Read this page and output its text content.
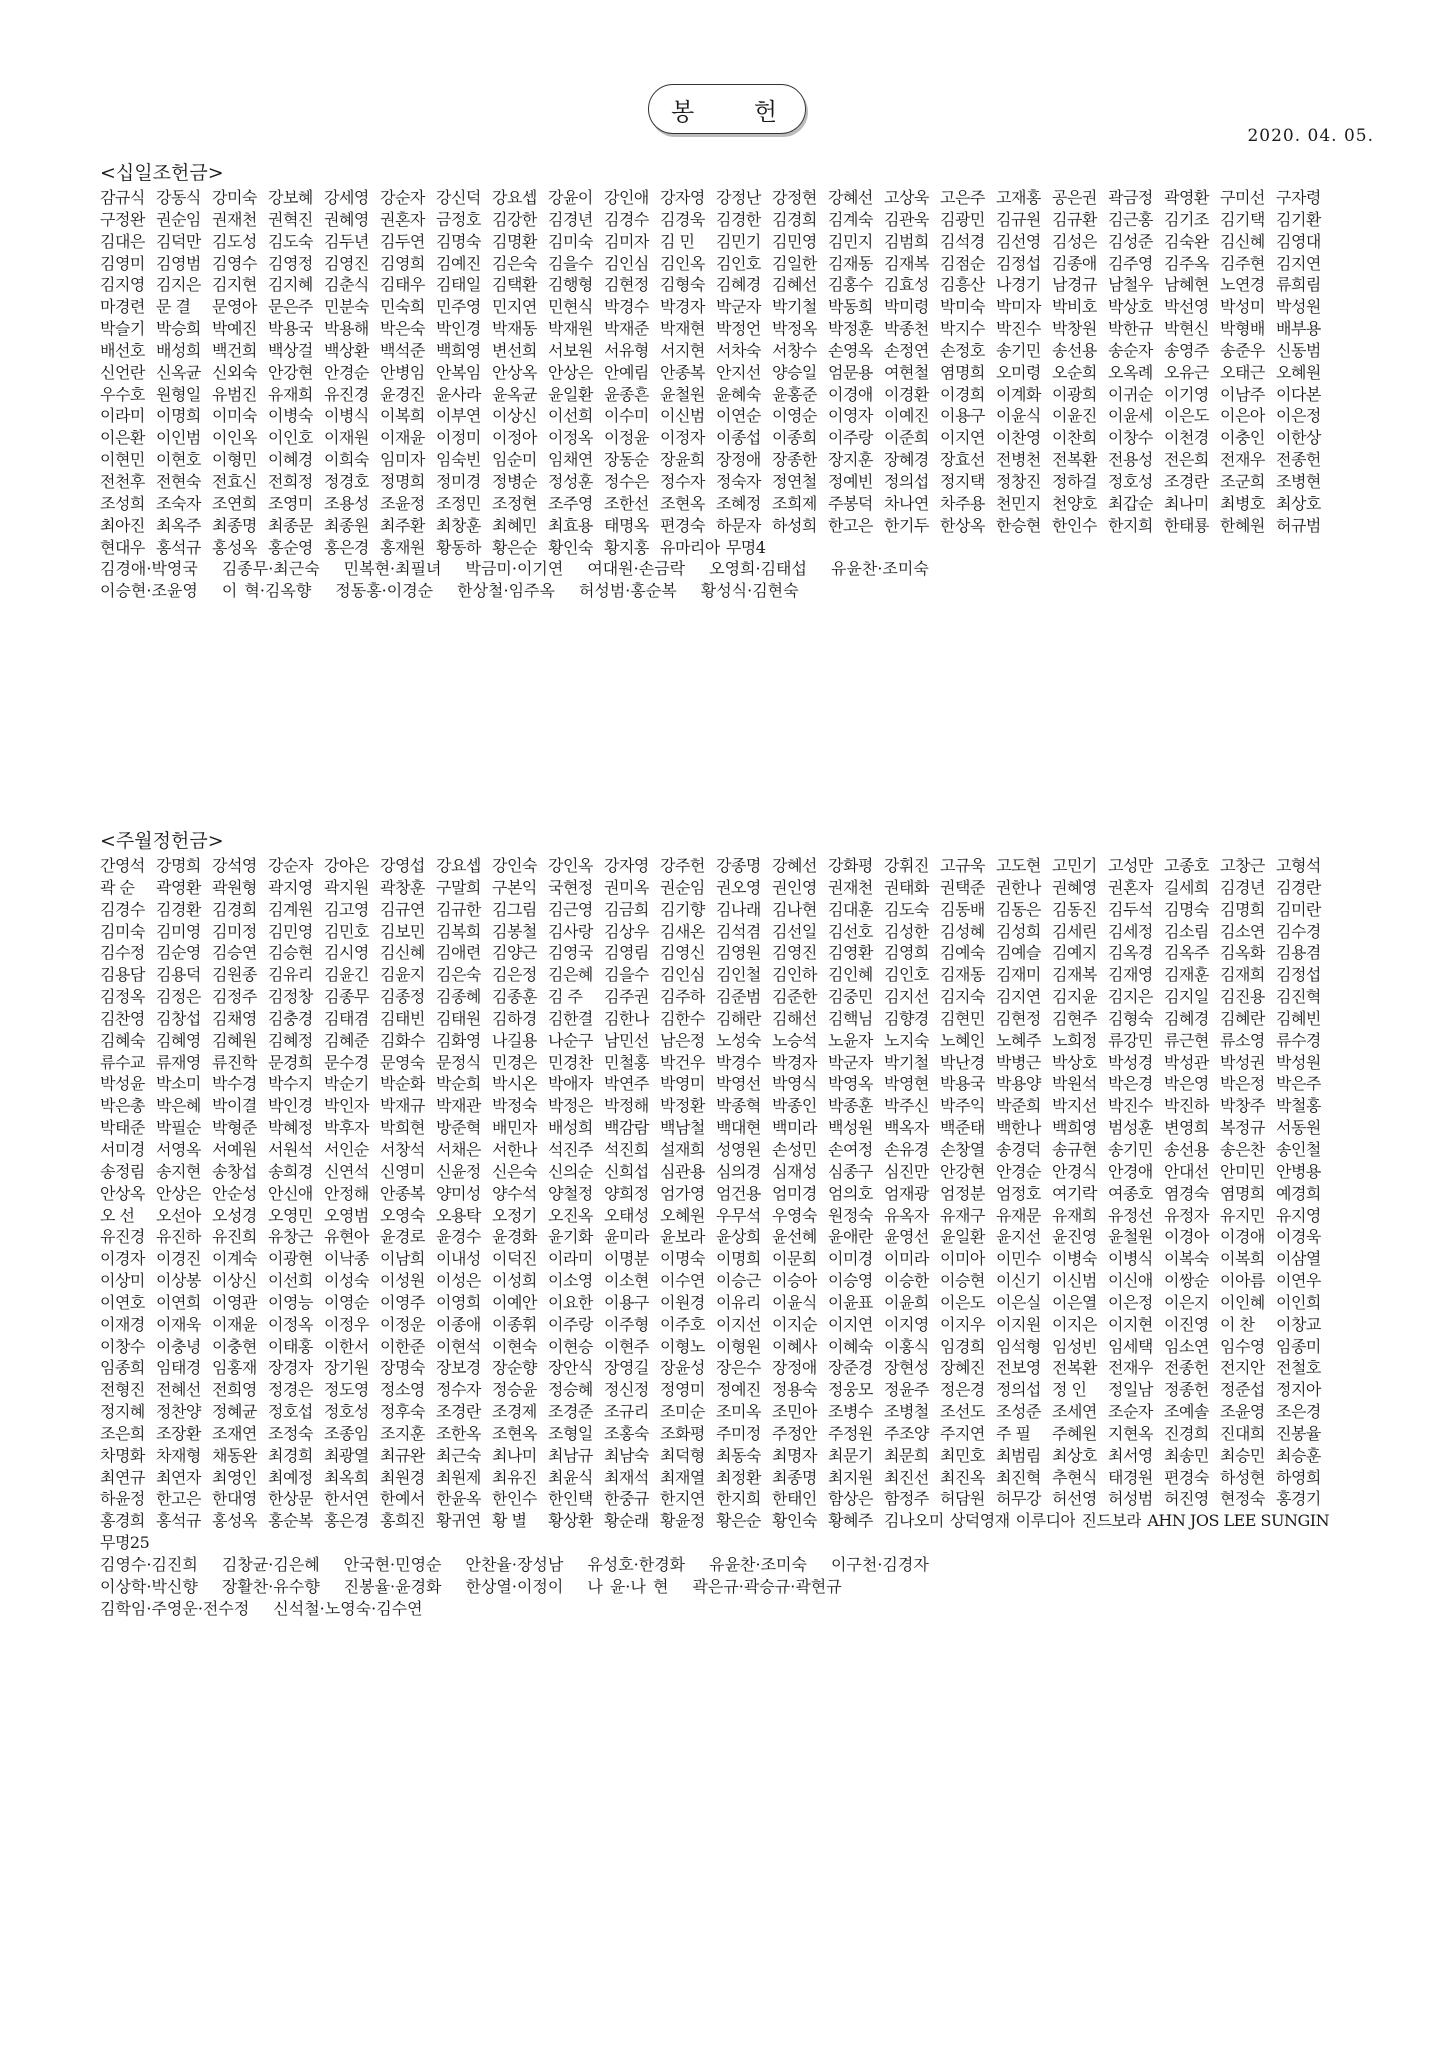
봉 헌
2020. 04. 05.
<십일조헌금>
감규식 강동식 강미숙 강보혜 강세영 강순자 강신덕 강요셉 강윤이 강인애 강자영 강정난 강정현 강혜선 고상욱 고은주 고재홍 공은권 곽금정 곽영환 구미선 구자령
구정완 권순임 권재천 권혁진 권혜영 권혼자 금정호 김강한 김경년 김경수 김경욱 김경한 김경희 김계숙 김관욱 김광민 김규원 김규환 김근홍 김기조 김기택 김기환
김대은 김덕만 김도성 김도숙 김두년 김두연 김명숙 김명환 김미숙 김미자 김 민	김민기 김민영 김민지 김범희 김석경 김선영 김성은 김성준 김숙완 김신혜 김영대
김영미 김영범 김영수 김영정 김영진 김영희 김예진 김은숙 김을수 김인심 김인옥 김인호 김일한 김재동 김재복 김점순 김정섭 김종애 김주영 김주옥 김주현 김지연
김지영 김지은 김지현 김지혜 김춘식 김태우 김태일 김택환 김행형 김현정 김형숙 김혜경 김혜선 김홍수 김효성 김흥산 나경기 남경규 남철우 남혜현 노연경 류희림
마경련 문 결	문영아 문은주 민분숙 민숙희 민주영 민지연 민현식 박경수 박경자 박군자 박기철 박동희 박미령 박미숙 박미자 박비호 박상호 박선영 박성미 박성원
박슬기 박승희 박예진 박용국 박용해 박은숙 박인경 박재동 박재원 박재준 박재현 박정언 박정옥 박정훈 박종천 박지수 박진수 박창원 박한규 박현신 박형배 배부용
배선호 배성희 백건희 백상걸 백상환 백석준 백희영 변선희 서보원 서유형 서지현 서차숙 서창수 손영옥 손정연 손정호 송기민 송선용 송순자 송영주 송준우 신동범
신언란 신옥균 신외숙 안강현 안경순 안병임 안복임 안상옥 안상은 안예림 안종복 안지선 양승일 엄문용 여현철 염명희 오미령 오순희 오옥례 오유근 오태근 오혜원
우수호 원형일 유범진 유재희 유진경 윤경진 윤사라 윤옥균 윤일환 윤종흔 윤철원 윤혜숙 윤홍준 이경애 이경환 이경희 이계화 이광희 이귀순 이기영 이남주 이다본
이라미 이명희 이미숙 이병숙 이병식 이복희 이부연 이상신 이선희 이수미 이신범 이연순 이영순 이영자 이예진 이용구 이윤식 이윤진 이윤세 이은도 이은아 이은정
이은환 이인범 이인옥 이인호 이재원 이재윤 이정미 이정아 이정옥 이정윤 이정자 이종섭 이종희 이주랑 이준희 이지연 이찬영 이찬희 이창수 이천경 이충인 이한상
이현민 이현호 이형민 이혜경 이희숙 임미자 임숙빈 임순미 임채연 장동순 장윤희 장정애 장종한 장지훈 장혜경 장효선 전병천 전복환 전용성 전은희 전재우 전종헌
전천후 전현숙 전효신 전희정 정경호 정명희 정미경 정병순 정성훈 정수은 정수자 정숙자 정연철 정예빈 정의섭 정지택 정창진 정하걸 정호성 조경란 조군희 조병현
조성희 조숙자 조연희 조영미 조용성 조윤정 조정민 조정현 조주영 조한선 조현옥 조혜정 조희제 주봉덕 차나연 차주용 천민지 천양호 최갑순 최나미 최병호 최상호
최아진 최옥주 최종명 최종문 최종원 최주환 최창훈 최혜민 최효용 태명옥 편경숙 하문자 하성희 한고은 한기두 한상옥 한승현 한인수 한지희 한태룡 한혜원 허규범
현대우 홍석규 홍성옥 홍순영 홍은경 홍재원 황동하 황은순 황인숙 황지홍 유마리아 무명4
김경애·박영국 김종무·최근숙 민복현·최필녀 박금미·이기연 여대원·손금락 오영희·김태섭 유윤찬·조미숙
이승현·조윤영 이 혁·김옥향 정동홍·이경순 한상철·임주옥 허성범·홍순복 황성식·김현숙
<주월정헌금>
간영석 강명희 강석영 강순자 강아은 강영섭 강요셉 강인숙 강인옥 강자영 강주헌 강종명 강혜선 강화평 강휘진 고규욱 고도현 고민기 고성만 고종호 고창근 고형석
곽 순	곽영환 곽원형 곽지영 곽지원 곽창훈 구말희 구본익 국현정 권미옥 권순임 권오영 권인영 권재천 권태화 권택준 권한나 권혜영 권혼자 길세희 김경년 김경란
김경수 김경환 김경희 김계원 김고영 김규연 김규한 김그림 김근영 김금희 김기향 김나래 김나현 김대훈 김도숙 김동배 김동은 김동진 김두석 김명숙 김명희 김미란
김미숙 김미영 김미정 김민영 김민호 김보민 김복희 김봉철 김사랑 김상우 김새온 김석겸 김선일 김선호 김성한 김성혜 김성희 김세린 김세정 김소림 김소연 김수경
김수정 김순영 김승연 김승현 김시영 김신혜 김애련 김양근 김영국 김영림 김영신 김영원 김영진 김영환 김영희 김예숙 김예슬 김예지 김옥경 김옥주 김옥화 김용겸
김용담 김용덕 김원종 김유리 김윤긴 김윤지 김은숙 김은정 김은혜 김을수 김인심 김인철 김인하 김인혜 김인호 김재동 김재미 김재복 김재영 김재훈 김재희 김정섭
김정옥 김정은 김정주 김정창 김종무 김종정 김종혜 김종훈 김 주	김주권 김주하 김준범 김준한 김중민 김지선 김지숙 김지연 김지윤 김지은 김지일 김진용 김진혁
김찬영 김창섭 김채영 김충경 김태겸 김태빈 김태원 김하경 김한결 김한나 김한수 김해란 김해선 김핵님 김향경 김현민 김현정 김현주 김형숙 김혜경 김혜란 김혜빈
김혜숙 김혜영 김혜원 김혜정 김혜준 김화수 김화영 나길용 나순구 남민선 남은정 노성숙 노승석 노윤자 노지숙 노혜인 노혜주 노희정 류강민 류근현 류소영 류수경
류수교 류재영 류진학 문경희 문수경 문영숙 문정식 민경은 민경찬 민철홍 박건우 박경수 박경자 박군자 박기철 박난경 박병근 박상호 박성경 박성관 박성권 박성원
박성윤 박소미 박수경 박수지 박순기 박순화 박순희 박시온 박애자 박연주 박영미 박영선 박영식 박영옥 박영현 박용국 박용양 박원석 박은경 박은영 박은정 박은주
박은총 박은혜 박이결 박인경 박인자 박재규 박재관 박정숙 박정은 박정해 박정환 박종혁 박종인 박종훈 박주신 박주익 박준희 박지선 박진수 박진하 박창주 박철홍
박태준 박필순 박형준 박혜정 박후자 박희현 방준혁 배민자 배성희 백감람 백남철 백대현 백미라 백성원 백옥자 백준태 백한나 백희영 범성훈 변영희 복정규 서동원
서미경 서영옥 서예원 서원석 서인순 서창석 서채은 서한나 석진주 석진희 설재희 성영원 손성민 손여정 손유경 손창열 송경덕 송규현 송기민 송선용 송은찬 송인철
송정림 송지현 송창섭 송희경 신연석 신영미 신윤정 신은숙 신의순 신희섭 심관용 심의경 심재성 심종구 심진만 안강현 안경순 안경식 안경애 안대선 안미민 안병용
안상옥 안상은 안순성 안신애 안정해 안종복 양미성 양수석 양철정 양희정 엄가영 엄건용 엄미경 엄의호 엄재광 엄정분 엄정호 여기락 여종호 염경숙 염명희 예경희
오 선	오선아 오성경 오영민 오영범 오영숙 오용탁 오정기 오진옥 오태성 오혜원 우무석 우영숙 원정숙 유옥자 유재구 유재문 유재희 유정선 유정자 유지민 유지영
유진경 유진하 유진희 유창근 유현아 윤경로 윤경수 윤경화 윤기화 윤미라 윤보라 윤상희 윤선혜 윤애란 윤영선 윤일환 윤지선 윤진영 윤철원 이경아 이경애 이경욱
이경자 이경진 이계숙 이광현 이낙종 이남희 이내성 이덕진 이라미 이명분 이명숙 이명희 이문희 이미경 이미라 이미아 이민수 이병숙 이병식 이복숙 이복희 이삼열
이상미 이상봉 이상신 이선희 이성숙 이성원 이성은 이성희 이소영 이소현 이수연 이승근 이승아 이승영 이승한 이승현 이신기 이신범 이신애 이쌍순 이아름 이연우
이연호 이연희 이영관 이영능 이영순 이영주 이영희 이예안 이요한 이용구 이원경 이유리 이윤식 이윤표 이윤희 이은도 이은실 이은열 이은정 이은지 이인혜 이인희
이재경 이재욱 이재윤 이정옥 이정우 이정운 이종애 이종휘 이주랑 이주형 이주호 이지선 이지순 이지연 이지영 이지우 이지원 이지은 이지현 이진영 이 찬	이창교
이창수 이충녕 이충현 이태홍 이한서 이한준 이현석 이현숙 이현승 이현주 이형노 이형원 이혜사 이혜숙 이홍식 임경희 임석형 임성빈 임세택 임소연 임수영 임종미
임종희 임태경 임홍재 장경자 장기원 장명숙 장보경 장순향 장안식 장영길 장윤성 장은수 장정애 장준경 장현성 장혜진 전보영 전복환 전재우 전종헌 전지안 전철호
전형진 전혜선 전희영 정경은 정도영 정소영 정수자 정승윤 정승혜 정신정 정영미 정예진 정용숙 정웅모 정윤주 정은경 정의섭 정 인	정일남 정종헌 정준섭 정지아
정지혜 정찬양 정혜균 정호섭 정호성 정후숙 조경란 조경제 조경준 조규리 조미순 조미옥 조민아 조병수 조병철 조선도 조성준 조세연 조순자 조예솔 조윤영 조은경
조은희 조장환 조재연 조정숙 조종임 조지훈 조한옥 조현옥 조형일 조홍숙 조화평 주미정 주정안 주정원 주조양 주지연 주 필	주혜원 지현옥 진경희 진대희 진봉율
차명화 차재형 채동완 최경희 최광열 최규완 최근숙 최나미 최남규 최남숙 최덕형 최동숙 최명자 최문기 최문희 최민호 최범림 최상호 최서영 최송민 최승민 최승훈
최연규 최연자 최영인 최예정 최옥희 최원경 최원제 최유진 최윤식 최재석 최재열 최정환 최종명 최지원 최진선 최진옥 최진혁 추현식 태경원 편경숙 하성현 하영희
하윤정 한고은 한대영 한상문 한서연 한예서 한윤옥 한인수 한인택 한중규 한지연 한지희 한태인 함상은 함정주 허담원 허무강 허선영 허성범 허진영 현정숙 홍경기
홍경희 홍석규 홍성옥 홍순복 홍은경 홍희진 황귀연 황 별	황상환 황순래 황윤정 황은순 황인숙 황혜주 김나오미 상덕영재 이루디아 진드보라 AHN JOS LEE SUNGIN
무명25
김영수·김진희 김창균·김은혜 안국현·민영순 안찬율·장성남 유성호·한경화 유윤찬·조미숙 이구천·김경자
이상학·박신향 장활찬·유수향 진봉율·윤경화 한상열·이정이 나 윤·나 현 곽은규·곽승규·곽현규
김학임·주영운·전수정 신석철·노영숙·김수연
